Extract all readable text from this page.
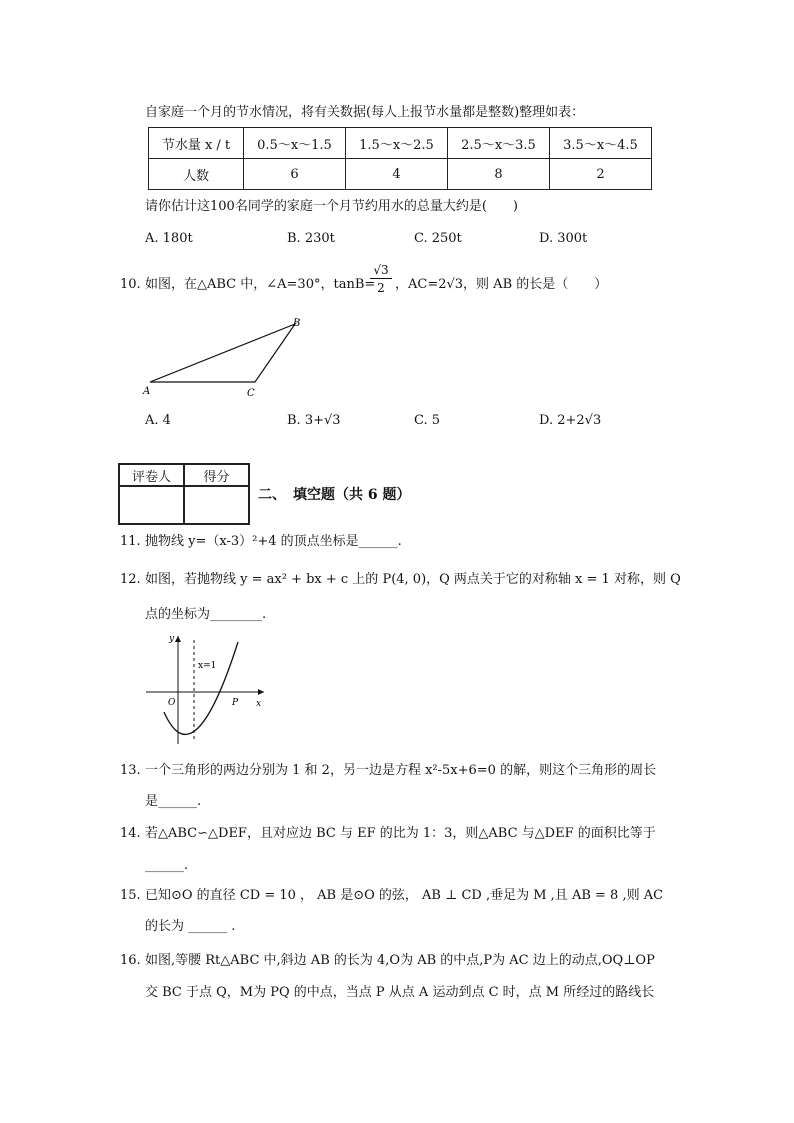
自家庭一个月的节水情况，将有关数据(每人上报节水量都是整数)整理如表：
节水量 x / t	0.5～x～1.5	1.5～x～2.5	2.5～x～3.5	3.5～x～4.5
人数	6	4	8	2
请你估计这100名同学的家庭一个月节约用水的总量大约是(　　)
A. 180t	B. 230t	C. 250t	D. 300t
10. 如图，在△ABC 中，∠A=30°，tanB=
$\frac{√3}{2}$ ，AC=2√3，则 AB 的长是（　　）
A
B
C
A. 4	B. 3+√3	C. 5	D. 2+2√3
评卷人	得分

二、　填空题（共 6 题）
11. 抛物线 y=（x-3）²+4 的顶点坐标是______.
12. 如图，若抛物线 y = ax² + bx + c 上的 P(4, 0)，Q 两点关于它的对称轴 x = 1 对称，则 Q
点的坐标为________.
y
x
O	P
x=1
13. 一个三角形的两边分别为 1 和 2，另一边是方程 x²-5x+6=0 的解，则这个三角形的周长
是______.
14. 若△ABC∽△DEF，且对应边 BC 与 EF 的比为 1：3，则△ABC 与△DEF 的面积比等于
______.
15. 已知⊙O 的直径 CD = 10 ， AB 是⊙O 的弦， AB ⊥ CD ,垂足为 M ,且 AB = 8 ,则 AC
的长为 ______ .
16. 如图,等腰 Rt△ABC 中,斜边 AB 的长为 4,O为 AB 的中点,P为 AC 边上的动点,OQ⊥OP
交 BC 于点 Q，M为 PQ 的中点，当点 P 从点 A 运动到点 C 时，点 M 所经过的路线长
